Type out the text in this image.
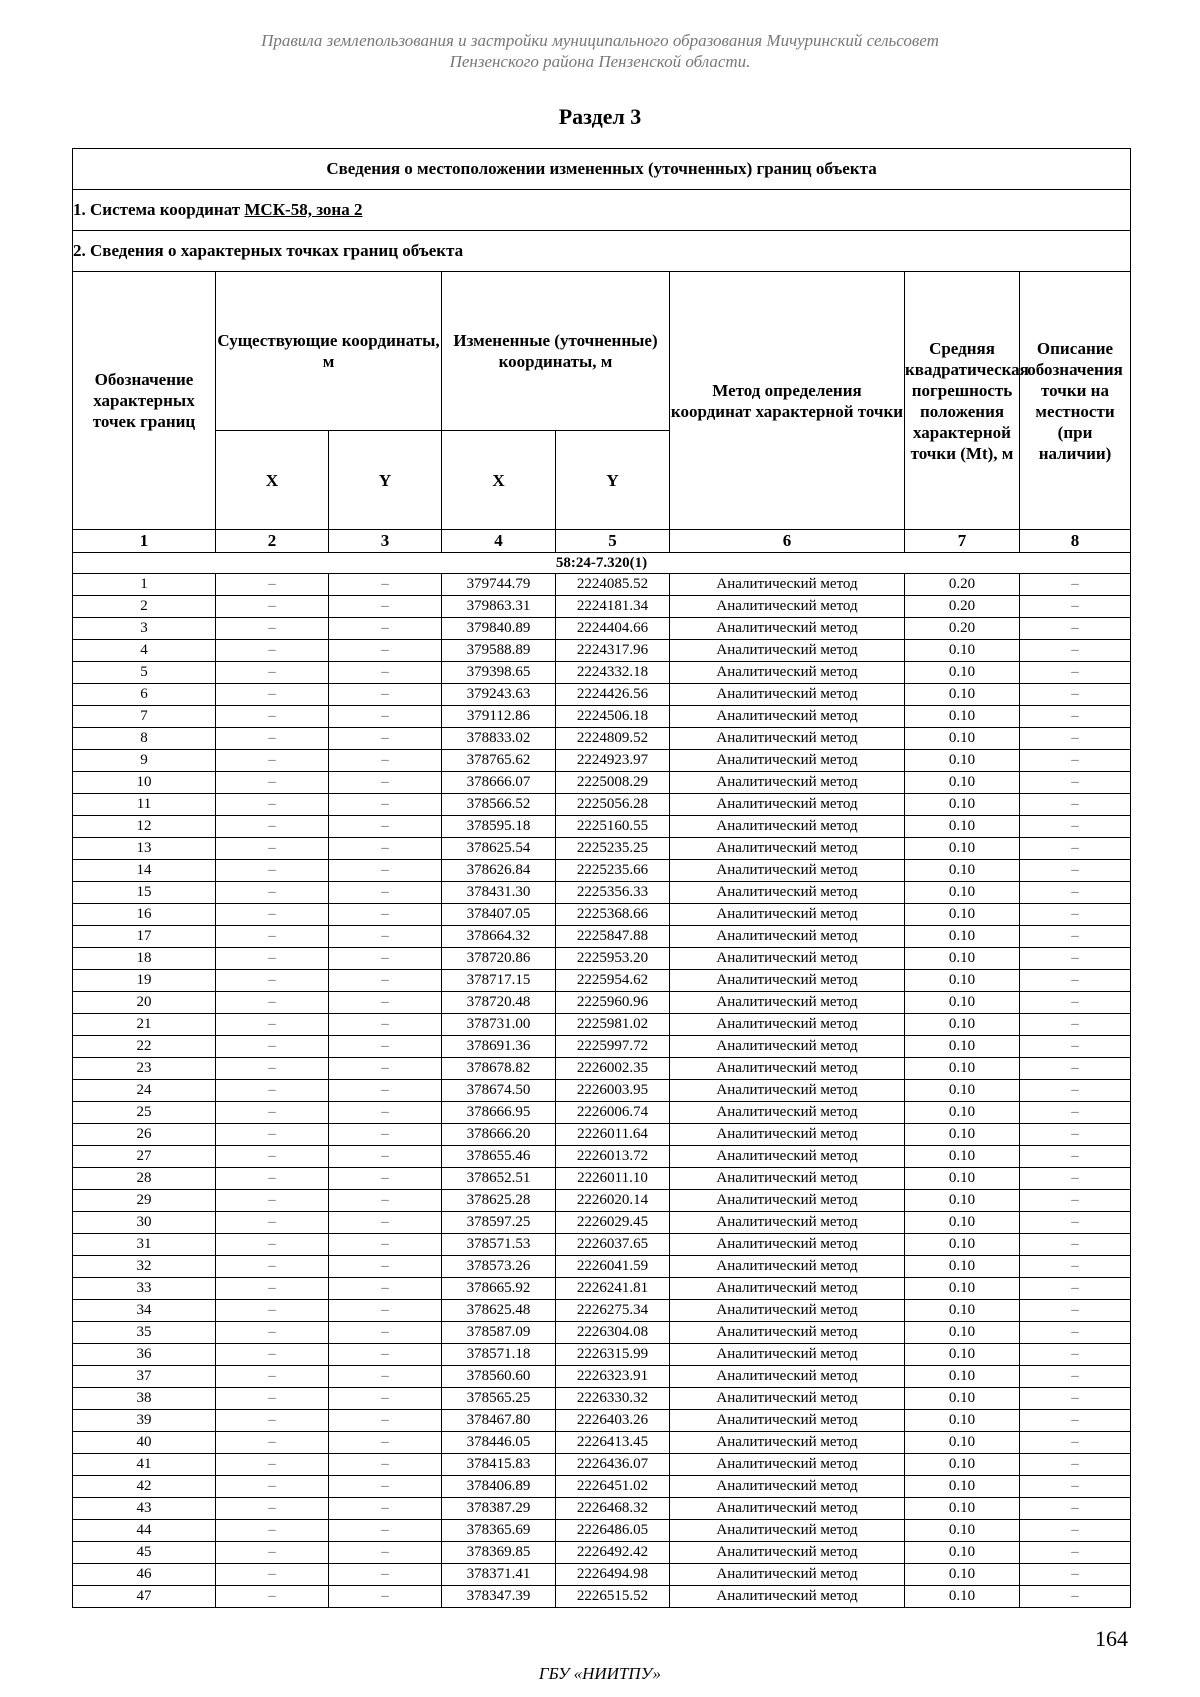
Правила землепользования и застройки муниципального образования Мичуринский сельсовет
Пензенского района Пензенской области.
Раздел 3
Сведения о местоположении измененных (уточненных) границ объекта							
1. Система координат МСК-58, зона 2							
2. Сведения о характерных точках границ объекта							
Обозначение характерных точек границ	Существующие координаты, м		Измененные (уточненные) координаты, м		Метод определения координат характерной точки	Средняя квадратическая погрешность положения характерной точки (Мt), м	Описание обозначения точки на местности (при наличии)
	X	Y	X	Y			
1	2	3	4	5	6	7	8
58:24-7.320(1)							
1	–	–	379744.79	2224085.52	Аналитический метод	0.20	–
2	–	–	379863.31	2224181.34	Аналитический метод	0.20	–
3	–	–	379840.89	2224404.66	Аналитический метод	0.20	–
4	–	–	379588.89	2224317.96	Аналитический метод	0.10	–
5	–	–	379398.65	2224332.18	Аналитический метод	0.10	–
6	–	–	379243.63	2224426.56	Аналитический метод	0.10	–
7	–	–	379112.86	2224506.18	Аналитический метод	0.10	–
8	–	–	378833.02	2224809.52	Аналитический метод	0.10	–
9	–	–	378765.62	2224923.97	Аналитический метод	0.10	–
10	–	–	378666.07	2225008.29	Аналитический метод	0.10	–
11	–	–	378566.52	2225056.28	Аналитический метод	0.10	–
12	–	–	378595.18	2225160.55	Аналитический метод	0.10	–
13	–	–	378625.54	2225235.25	Аналитический метод	0.10	–
14	–	–	378626.84	2225235.66	Аналитический метод	0.10	–
15	–	–	378431.30	2225356.33	Аналитический метод	0.10	–
16	–	–	378407.05	2225368.66	Аналитический метод	0.10	–
17	–	–	378664.32	2225847.88	Аналитический метод	0.10	–
18	–	–	378720.86	2225953.20	Аналитический метод	0.10	–
19	–	–	378717.15	2225954.62	Аналитический метод	0.10	–
20	–	–	378720.48	2225960.96	Аналитический метод	0.10	–
21	–	–	378731.00	2225981.02	Аналитический метод	0.10	–
22	–	–	378691.36	2225997.72	Аналитический метод	0.10	–
23	–	–	378678.82	2226002.35	Аналитический метод	0.10	–
24	–	–	378674.50	2226003.95	Аналитический метод	0.10	–
25	–	–	378666.95	2226006.74	Аналитический метод	0.10	–
26	–	–	378666.20	2226011.64	Аналитический метод	0.10	–
27	–	–	378655.46	2226013.72	Аналитический метод	0.10	–
28	–	–	378652.51	2226011.10	Аналитический метод	0.10	–
29	–	–	378625.28	2226020.14	Аналитический метод	0.10	–
30	–	–	378597.25	2226029.45	Аналитический метод	0.10	–
31	–	–	378571.53	2226037.65	Аналитический метод	0.10	–
32	–	–	378573.26	2226041.59	Аналитический метод	0.10	–
33	–	–	378665.92	2226241.81	Аналитический метод	0.10	–
34	–	–	378625.48	2226275.34	Аналитический метод	0.10	–
35	–	–	378587.09	2226304.08	Аналитический метод	0.10	–
36	–	–	378571.18	2226315.99	Аналитический метод	0.10	–
37	–	–	378560.60	2226323.91	Аналитический метод	0.10	–
38	–	–	378565.25	2226330.32	Аналитический метод	0.10	–
39	–	–	378467.80	2226403.26	Аналитический метод	0.10	–
40	–	–	378446.05	2226413.45	Аналитический метод	0.10	–
41	–	–	378415.83	2226436.07	Аналитический метод	0.10	–
42	–	–	378406.89	2226451.02	Аналитический метод	0.10	–
43	–	–	378387.29	2226468.32	Аналитический метод	0.10	–
44	–	–	378365.69	2226486.05	Аналитический метод	0.10	–
45	–	–	378369.85	2226492.42	Аналитический метод	0.10	–
46	–	–	378371.41	2226494.98	Аналитический метод	0.10	–
47	–	–	378347.39	2226515.52	Аналитический метод	0.10	–
164
ГБУ «НИИТПУ»
